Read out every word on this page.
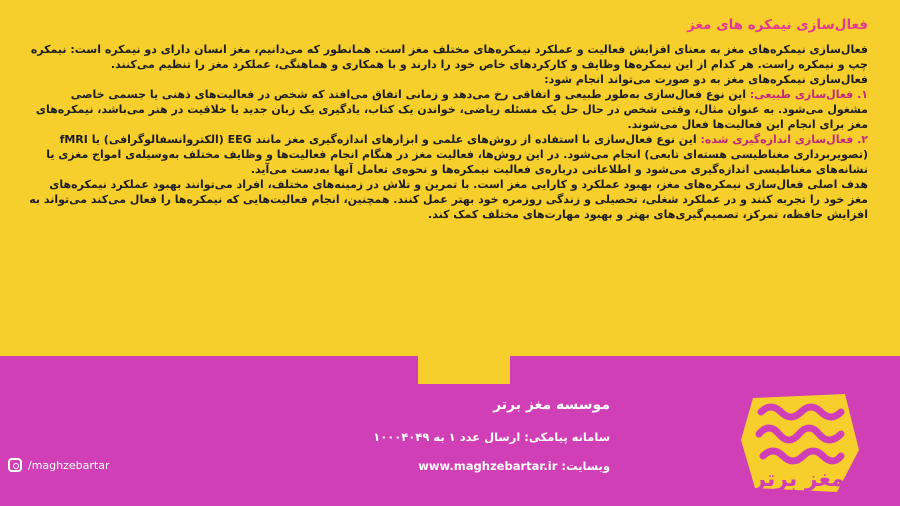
فعال‌سازی نیمکره های مغز

فعال‌سازی نیمکره‌های مغز به معنای افزایش فعالیت و عملکرد نیمکره‌های مختلف مغز است. همانطور که می‌دانیم، مغز انسان دارای دو نیمکره است: نیمکره چپ و نیمکره راست. هر کدام از این نیمکره‌ها وظایف و کارکردهای خاص خود را دارند و با همکاری و هماهنگی، عملکرد مغز را تنظیم می‌کنند.

فعال‌سازی نیمکره‌های مغز به دو صورت می‌تواند انجام شود:

۱. فعال‌سازی طبیعی: این نوع فعال‌سازی به‌طور طبیعی و اتفاقی رخ می‌دهد و زمانی اتفاق می‌افتد که شخص در فعالیت‌های ذهنی یا جسمی خاصی مشغول می‌شود. به عنوان مثال، وقتی شخص در حال حل یک مسئله ریاضی، خواندن یک کتاب، یادگیری یک زبان جدید یا خلاقیت در هنر می‌باشد، نیمکره‌های مغز برای انجام این فعالیت‌ها فعال می‌شوند.

۲. فعال‌سازی اندازه‌گیری شده: این نوع فعال‌سازی با استفاده از روش‌های علمی و ابزارهای اندازه‌گیری مغز مانند EEG (الکتروانسفالوگرافی) یا fMRI (تصویربرداری مغناطیسی هسته‌ای تابعی) انجام می‌شود. در این روش‌ها، فعالیت مغز در هنگام انجام فعالیت‌ها و وظایف مختلف به‌وسیله‌ی امواج مغزی یا نشانه‌های مغناطیسی اندازه‌گیری می‌شود و اطلاعاتی درباره‌ی فعالیت نیمکره‌ها و نحوه‌ی تعامل آنها به‌دست می‌آید.

هدف اصلی فعال‌سازی نیمکره‌های مغز، بهبود عملکرد و کارایی مغز است. با تمرین و تلاش در زمینه‌های مختلف، افراد می‌توانند بهبود عملکرد نیمکره‌های مغز خود را تجربه کنند و در عملکرد شغلی، تحصیلی و زندگی روزمره خود بهتر عمل کنند. همچنین، انجام فعالیت‌هایی که نیمکره‌ها را فعال می‌کند می‌تواند به افزایش حافظه، تمرکز، تصمیم‌گیری‌های بهتر و بهبود مهارت‌های مختلف کمک کند.

موسسه مغز برتر
سامانه پیامکی: ارسال عدد ۱ به ۱۰۰۰۴۰۴۹
وبسایت: www.maghzebartar.ir
مغز برتر
/maghzebartar
